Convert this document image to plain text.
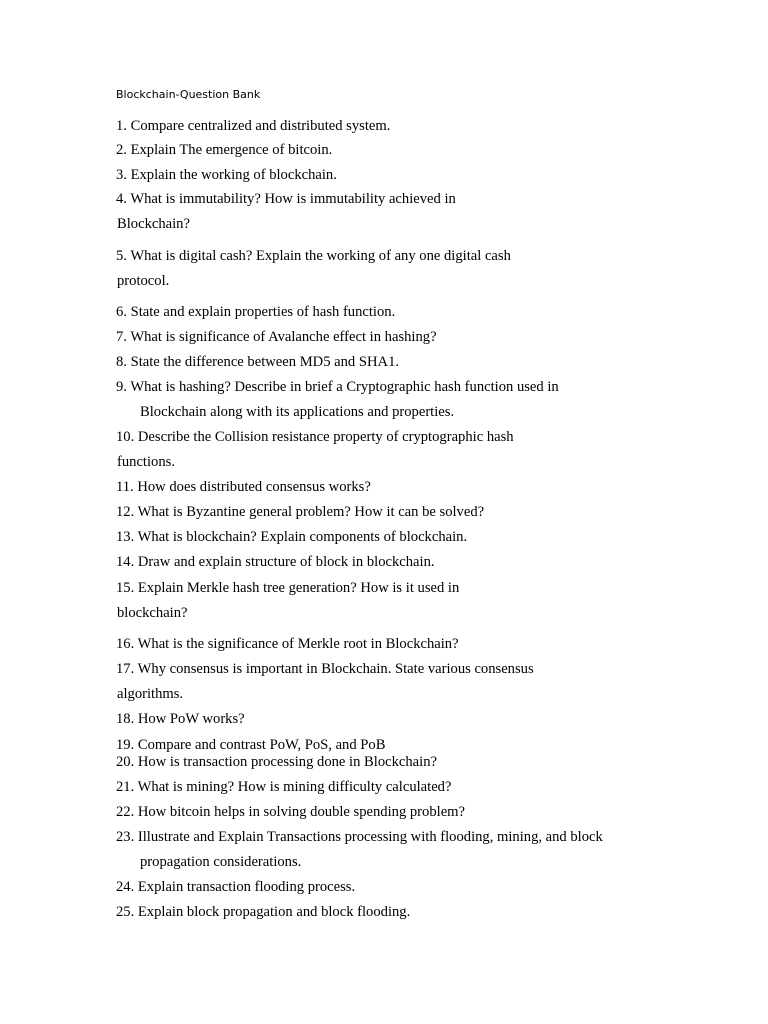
Blockchain-Question Bank

1. Compare centralized and distributed system.

2. Explain The emergence of bitcoin.

3. Explain the working of blockchain.

4. What is immutability? How is immutability achieved in
Blockchain?

5. What is digital cash? Explain the working of any one digital cash
protocol.

6. State and explain properties of hash function.

7. What is significance of Avalanche effect in hashing?

8. State the difference between MD5 and SHA1.

9. What is hashing? Describe in brief a Cryptographic hash function used in
Blockchain along with its applications and properties.

10. Describe the Collision resistance property of cryptographic hash
functions.

11. How does distributed consensus works?

12. What is Byzantine general problem? How it can be solved?

13. What is blockchain? Explain components of blockchain.

14. Draw and explain structure of block in blockchain.

15. Explain Merkle hash tree generation? How is it used in
blockchain?

16. What is the significance of Merkle root in Blockchain?

17. Why consensus is important in Blockchain. State various consensus
algorithms.

18. How PoW works?

19. Compare and contrast PoW, PoS, and PoB

20. How is transaction processing done in Blockchain?

21. What is mining? How is mining difficulty calculated?

22. How bitcoin helps in solving double spending problem?

23. Illustrate and Explain Transactions processing with flooding, mining, and block
propagation considerations.

24. Explain transaction flooding process.

25. Explain block propagation and block flooding.
